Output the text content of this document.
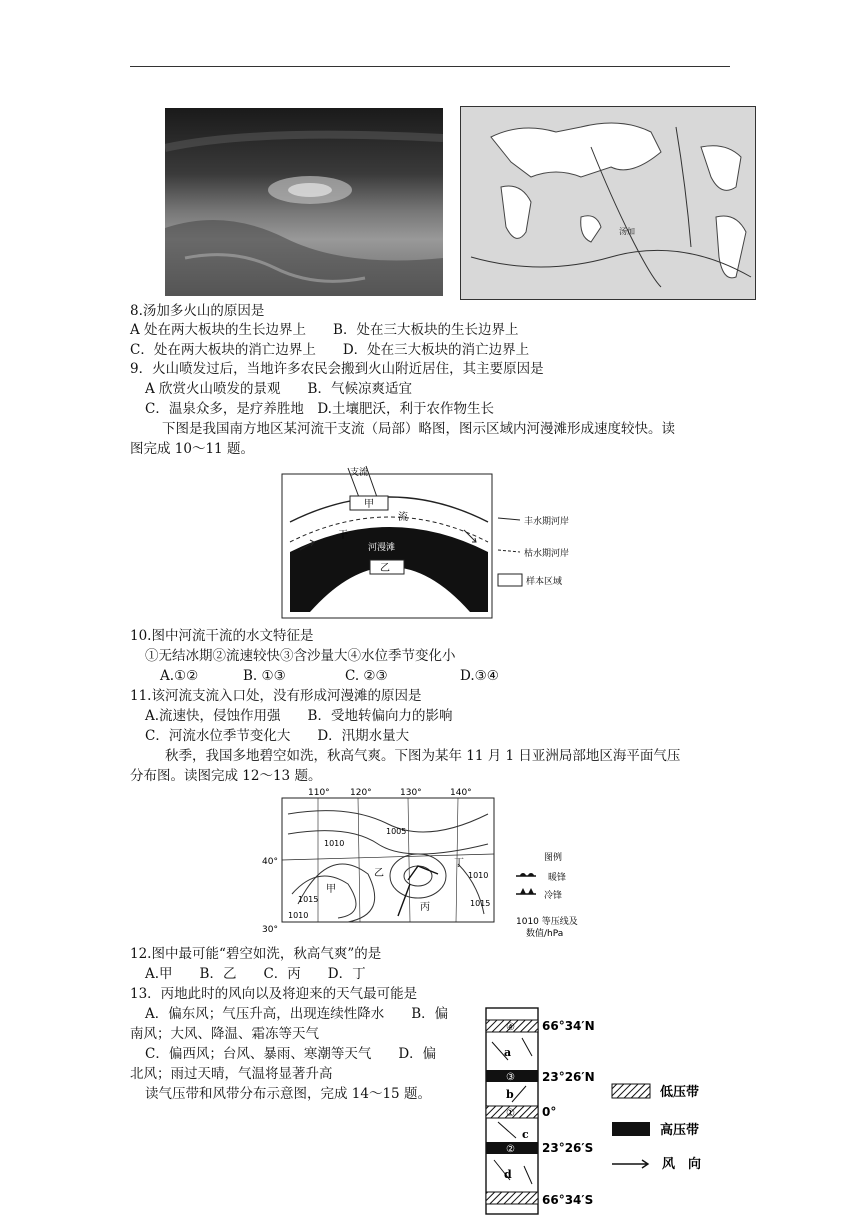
汤加
8.汤加多火山的原因是
A 处在两大板块的生长边界上　　B．处在三大板块的生长边界上
C．处在两大板块的消亡边界上　　D．处在三大板块的消亡边界上
9．火山喷发过后，当地许多农民会搬到火山附近居住，其主要原因是
A 欣赏火山喷发的景观　　B．气候凉爽适宜
C．温泉众多，是疗养胜地　D.土壤肥沃，利于农作物生长
下图是我国南方地区某河流干支流（局部）略图，图示区域内河漫滩形成速度较快。读
图完成 10～11 题。
支流
甲
干
流
河漫滩
乙
丰水期河岸
枯水期河岸
样本区域
10.图中河流干流的水文特征是
①无结冰期②流速较快③含沙量大④水位季节变化小
A.①②	B. ①③	C. ②③	D.③④
11.该河流支流入口处，没有形成河漫滩的原因是
A.流速快，侵蚀作用强　　B．受地转偏向力的影响
C．河流水位季节变化大　　D．汛期水量大
秋季，我国多地碧空如洗，秋高气爽。下图为某年 11 月 1 日亚洲局部地区海平面气压
分布图。读图完成 12～13 题。
110° 120°	130°	140°
40°
30°
1005
1010
1015
1010
1015
1010
甲
乙
丙
丁	图例
暖锋
冷锋
1010 等压线及
数值/hPa
12.图中最可能“碧空如洗，秋高气爽”的是
A.甲　　B．乙　　C．丙　　D．丁
13．丙地此时的风向以及将迎来的天气最可能是
A．偏东风；气压升高，出现连续性降水　　B．偏
南风；大风、降温、霜冻等天气
C．偏西风；台风、暴雨、寒潮等天气　　D．偏
北风；雨过天晴，气温将显著升高
读气压带和风带分布示意图，完成 14～15 题。
④
③
①
②
a
b
c
d
66°34′N
23°26′N
0°
23°26′S
66°34′S
低压带
高压带
风　向
